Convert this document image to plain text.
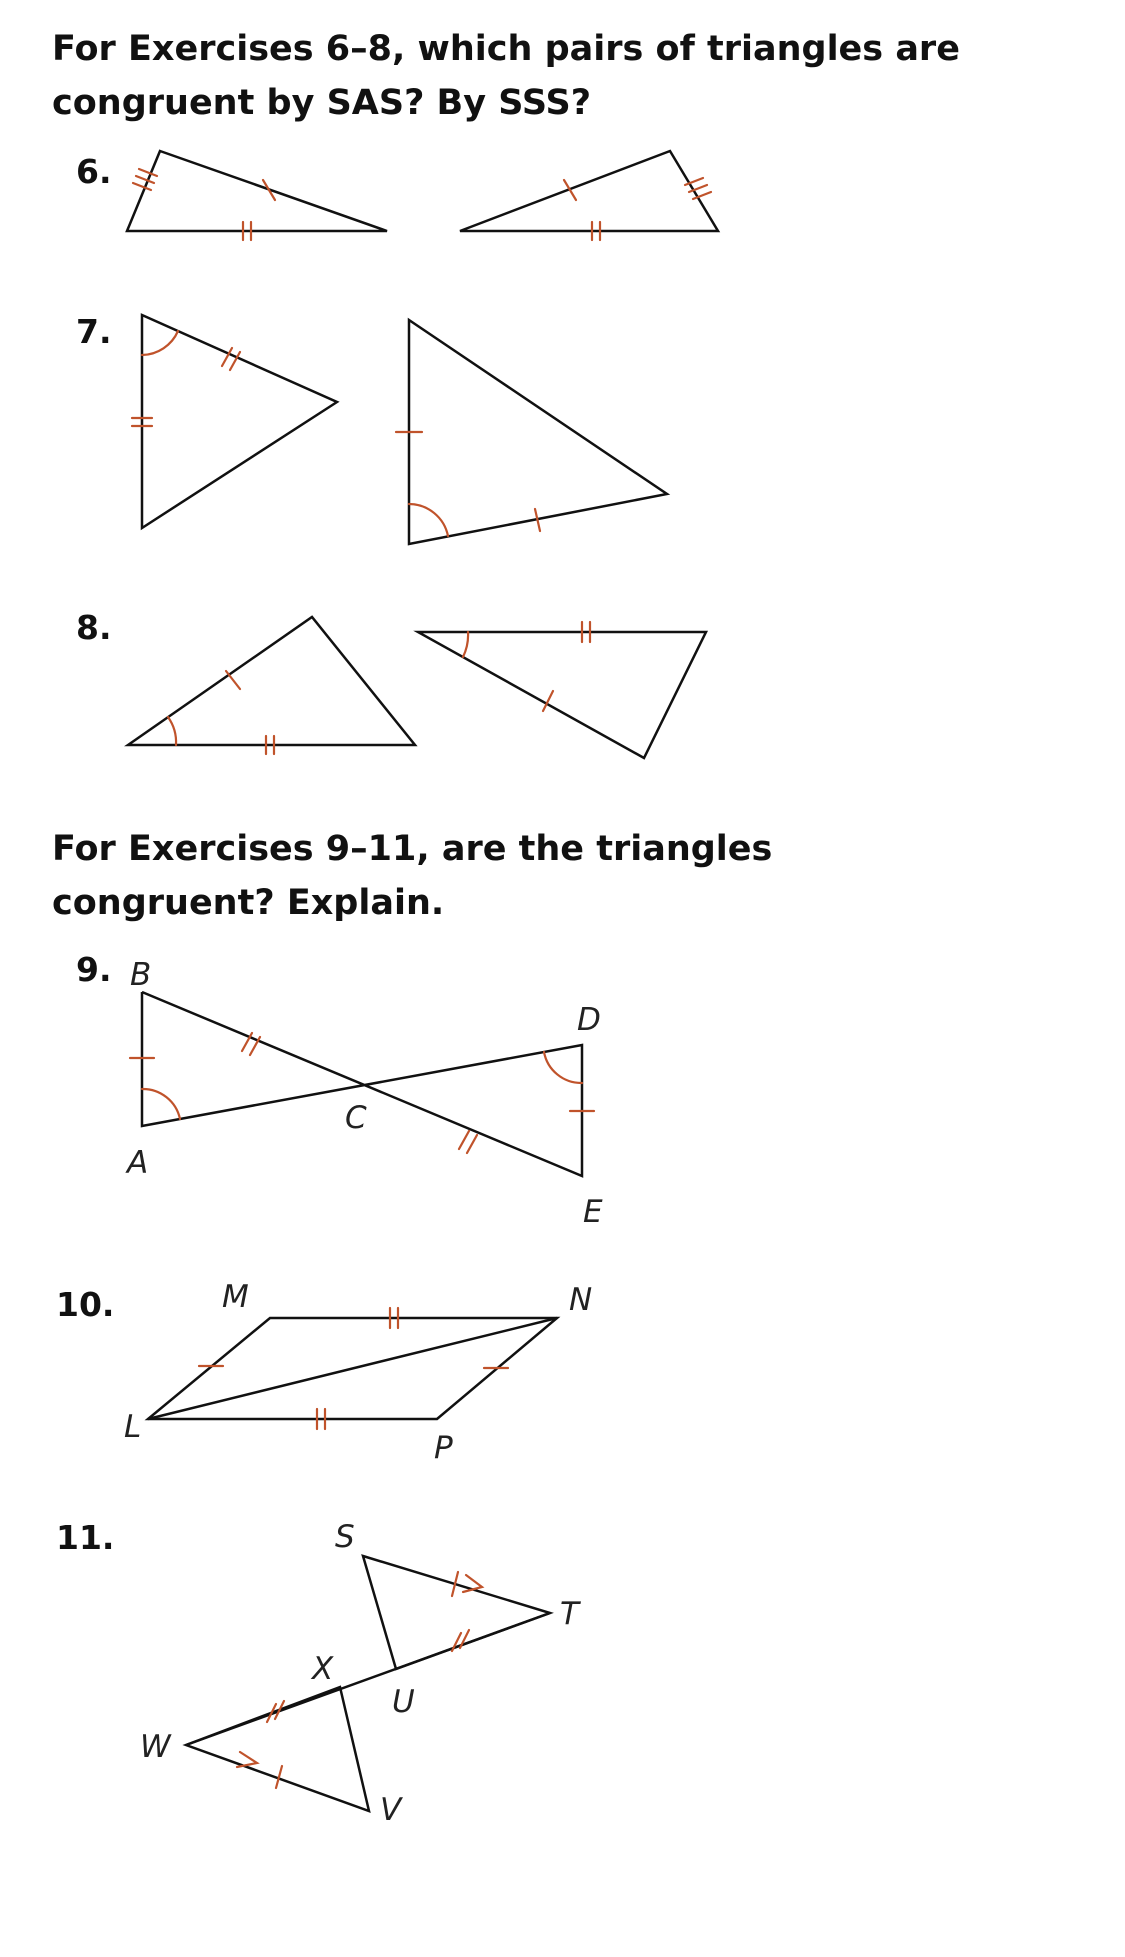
For Exercises 6–8, which pairs of triangles are
congruent by SAS? By SSS?
6.
7.
8.
For Exercises 9–11, are the triangles
congruent? Explain.
9. B
D
C
A
E
10.	M	N
L
P
11.	S
T
X
U
W
V
